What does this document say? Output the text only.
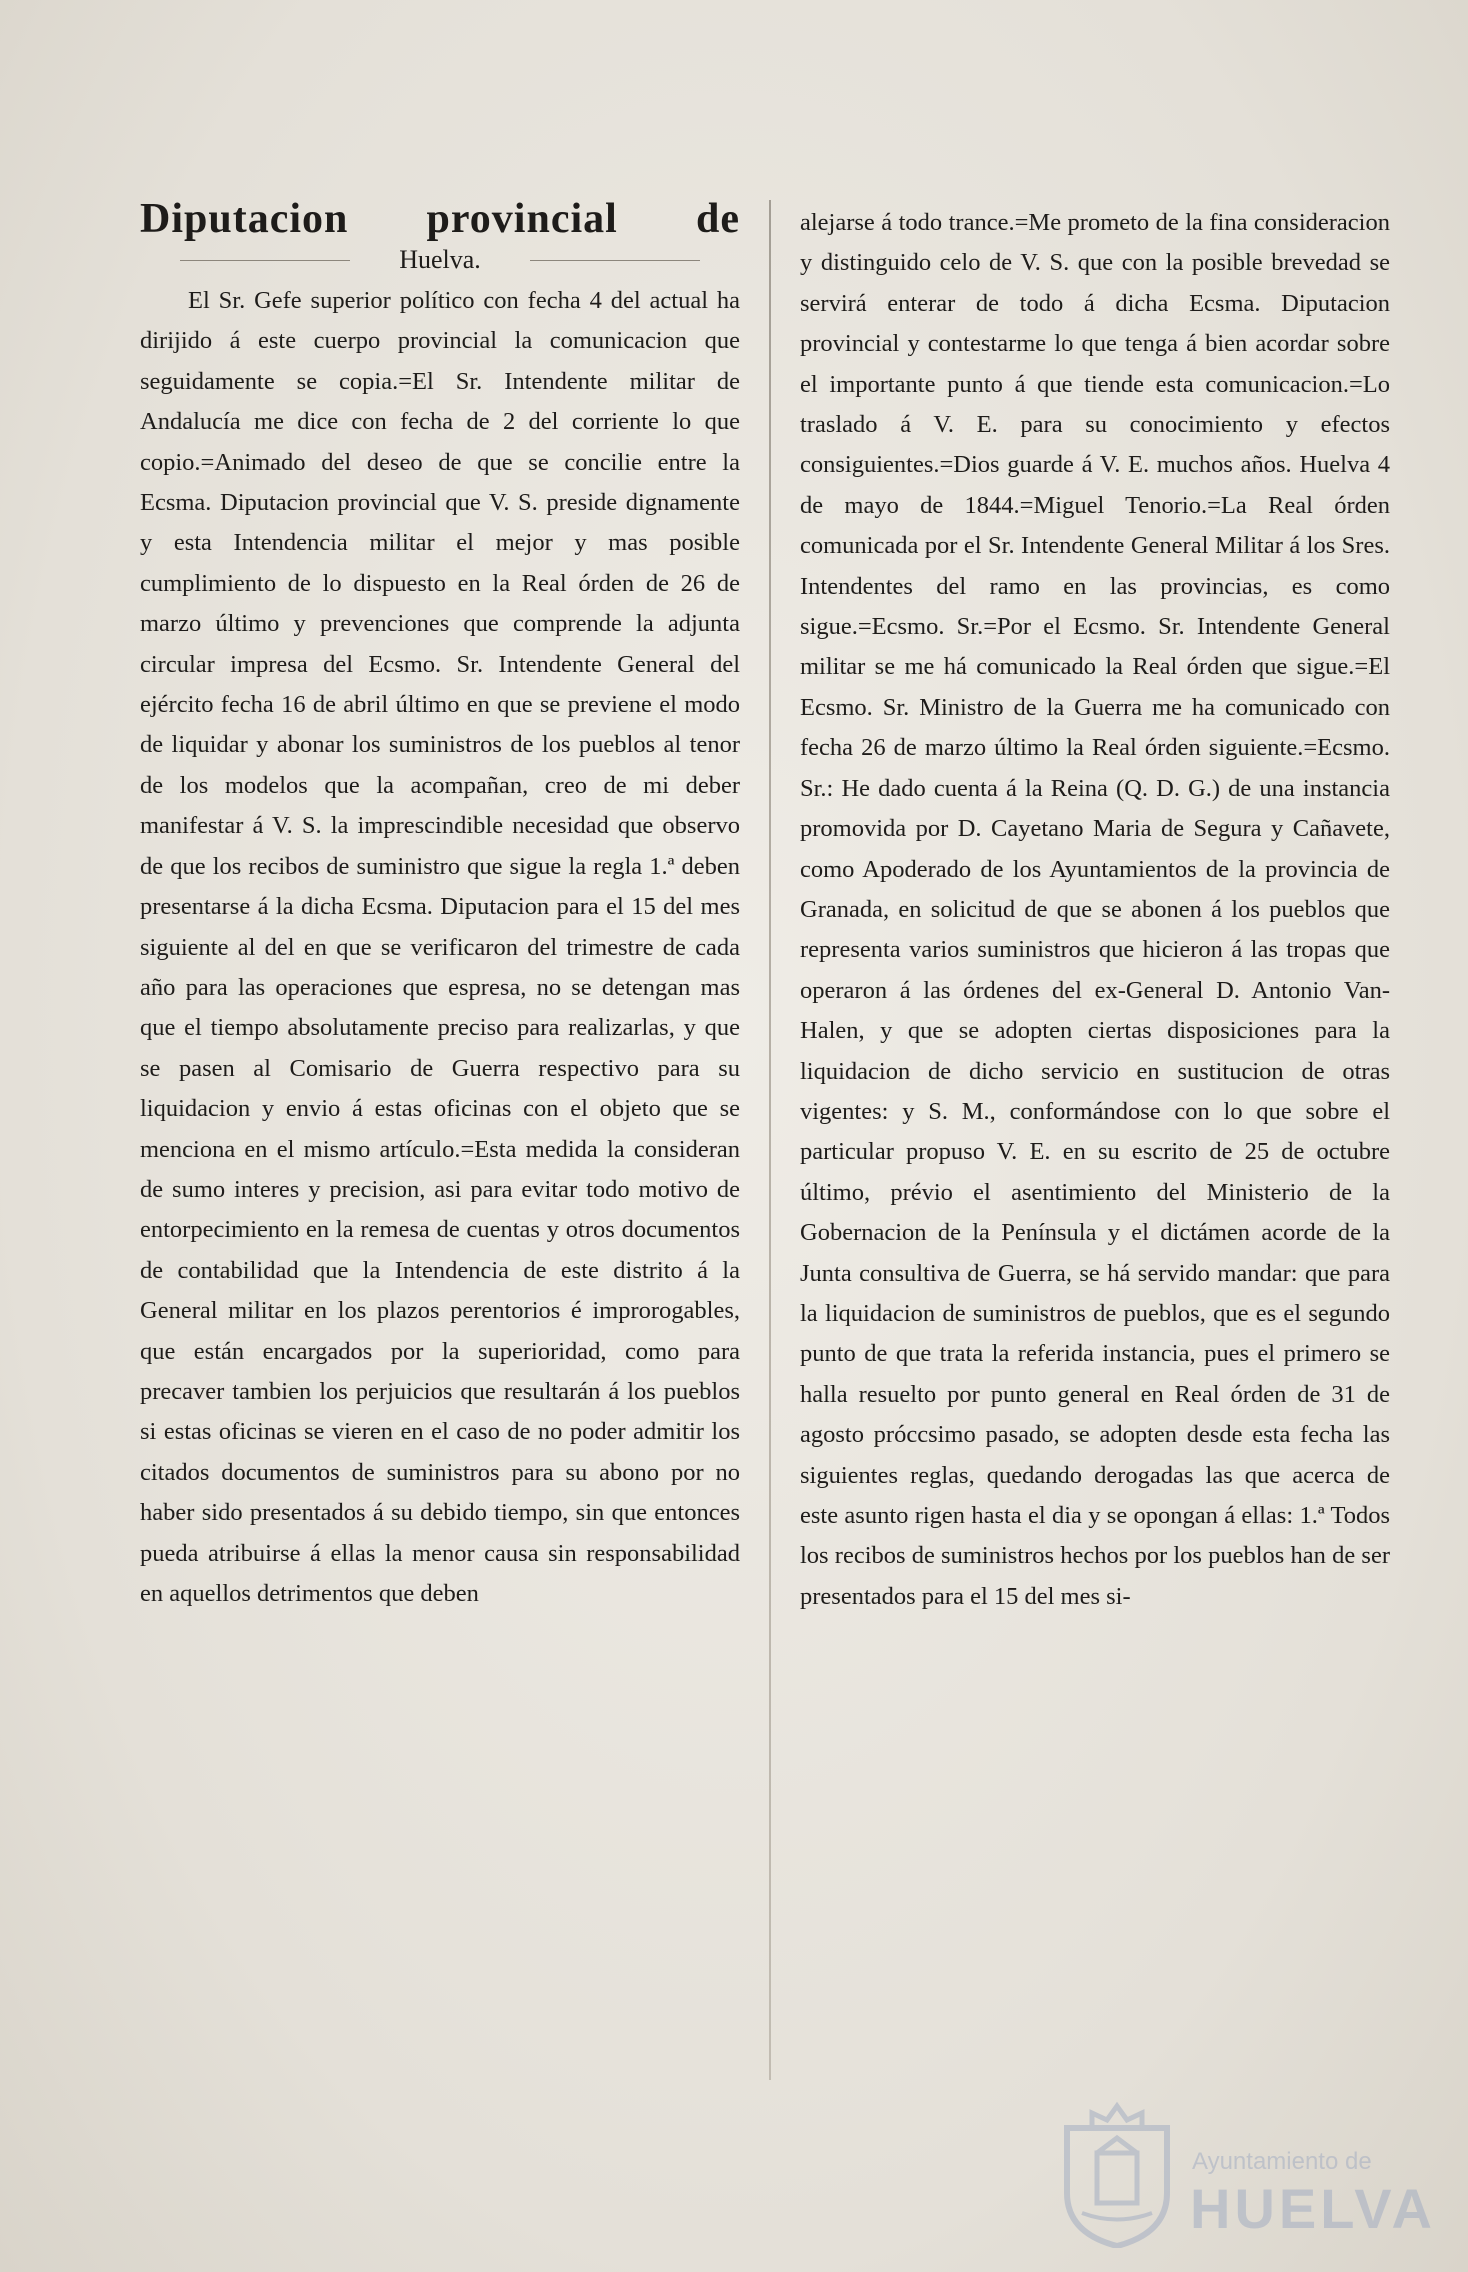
Diputacion provincial de

Huelva.

El Sr. Gefe superior político con fecha 4 del actual ha dirijido á este cuerpo provincial la comunicacion que seguidamente se copia.=El Sr. Intendente militar de Andalucía me dice con fecha de 2 del corriente lo que copio.=Animado del deseo de que se concilie entre la Ecsma. Diputacion provincial que V. S. preside dignamente y esta Intendencia militar el mejor y mas posible cumplimiento de lo dispuesto en la Real órden de 26 de marzo último y prevenciones que comprende la adjunta circular impresa del Ecsmo. Sr. Intendente General del ejército fecha 16 de abril último en que se previene el modo de liquidar y abonar los suministros de los pueblos al tenor de los modelos que la acompañan, creo de mi deber manifestar á V. S. la imprescindible necesidad que observo de que los recibos de suministro que sigue la regla 1.ª deben presentarse á la dicha Ecsma. Diputacion para el 15 del mes siguiente al del en que se verificaron del trimestre de cada año para las operaciones que espresa, no se detengan mas que el tiempo absolutamente preciso para realizarlas, y que se pasen al Comisario de Guerra respectivo para su liquidacion y envio á estas oficinas con el objeto que se menciona en el mismo artículo.=Esta medida la consideran de sumo interes y precision, asi para evitar todo motivo de entorpecimiento en la remesa de cuentas y otros documentos de contabilidad que la Intendencia de este distrito á la General militar en los plazos perentorios é improrogables, que están encargados por la superioridad, como para precaver tambien los perjuicios que resultarán á los pueblos si estas oficinas se vieren en el caso de no poder admitir los citados documentos de suministros para su abono por no haber sido presentados á su debido tiempo, sin que entonces pueda atribuirse á ellas la menor causa sin responsabilidad en aquellos detrimentos que deben

alejarse á todo trance.=Me prometo de la fina consideracion y distinguido celo de V. S. que con la posible brevedad se servirá enterar de todo á dicha Ecsma. Diputacion provincial y contestarme lo que tenga á bien acordar sobre el importante punto á que tiende esta comunicacion.=Lo traslado á V. E. para su conocimiento y efectos consiguientes.=Dios guarde á V. E. muchos años. Huelva 4 de mayo de 1844.=Miguel Tenorio.=La Real órden comunicada por el Sr. Intendente General Militar á los Sres. Intendentes del ramo en las provincias, es como sigue.=Ecsmo. Sr.=Por el Ecsmo. Sr. Intendente General militar se me há comunicado la Real órden que sigue.=El Ecsmo. Sr. Ministro de la Guerra me ha comunicado con fecha 26 de marzo último la Real órden siguiente.=Ecsmo. Sr.: He dado cuenta á la Reina (Q. D. G.) de una instancia promovida por D. Cayetano Maria de Segura y Cañavete, como Apoderado de los Ayuntamientos de la provincia de Granada, en solicitud de que se abonen á los pueblos que representa varios suministros que hicieron á las tropas que operaron á las órdenes del ex-General D. Antonio Van-Halen, y que se adopten ciertas disposiciones para la liquidacion de dicho servicio en sustitucion de otras vigentes: y S. M., conformándose con lo que sobre el particular propuso V. E. en su escrito de 25 de octubre último, prévio el asentimiento del Ministerio de la Gobernacion de la Península y el dictámen acorde de la Junta consultiva de Guerra, se há servido mandar: que para la liquidacion de suministros de pueblos, que es el segundo punto de que trata la referida instancia, pues el primero se halla resuelto por punto general en Real órden de 31 de agosto próccsimo pasado, se adopten desde esta fecha las siguientes reglas, quedando derogadas las que acerca de este asunto rigen hasta el dia y se opongan á ellas: 1.ª Todos los recibos de suministros hechos por los pueblos han de ser presentados para el 15 del mes si-

Ayuntamiento de
HUELVA
